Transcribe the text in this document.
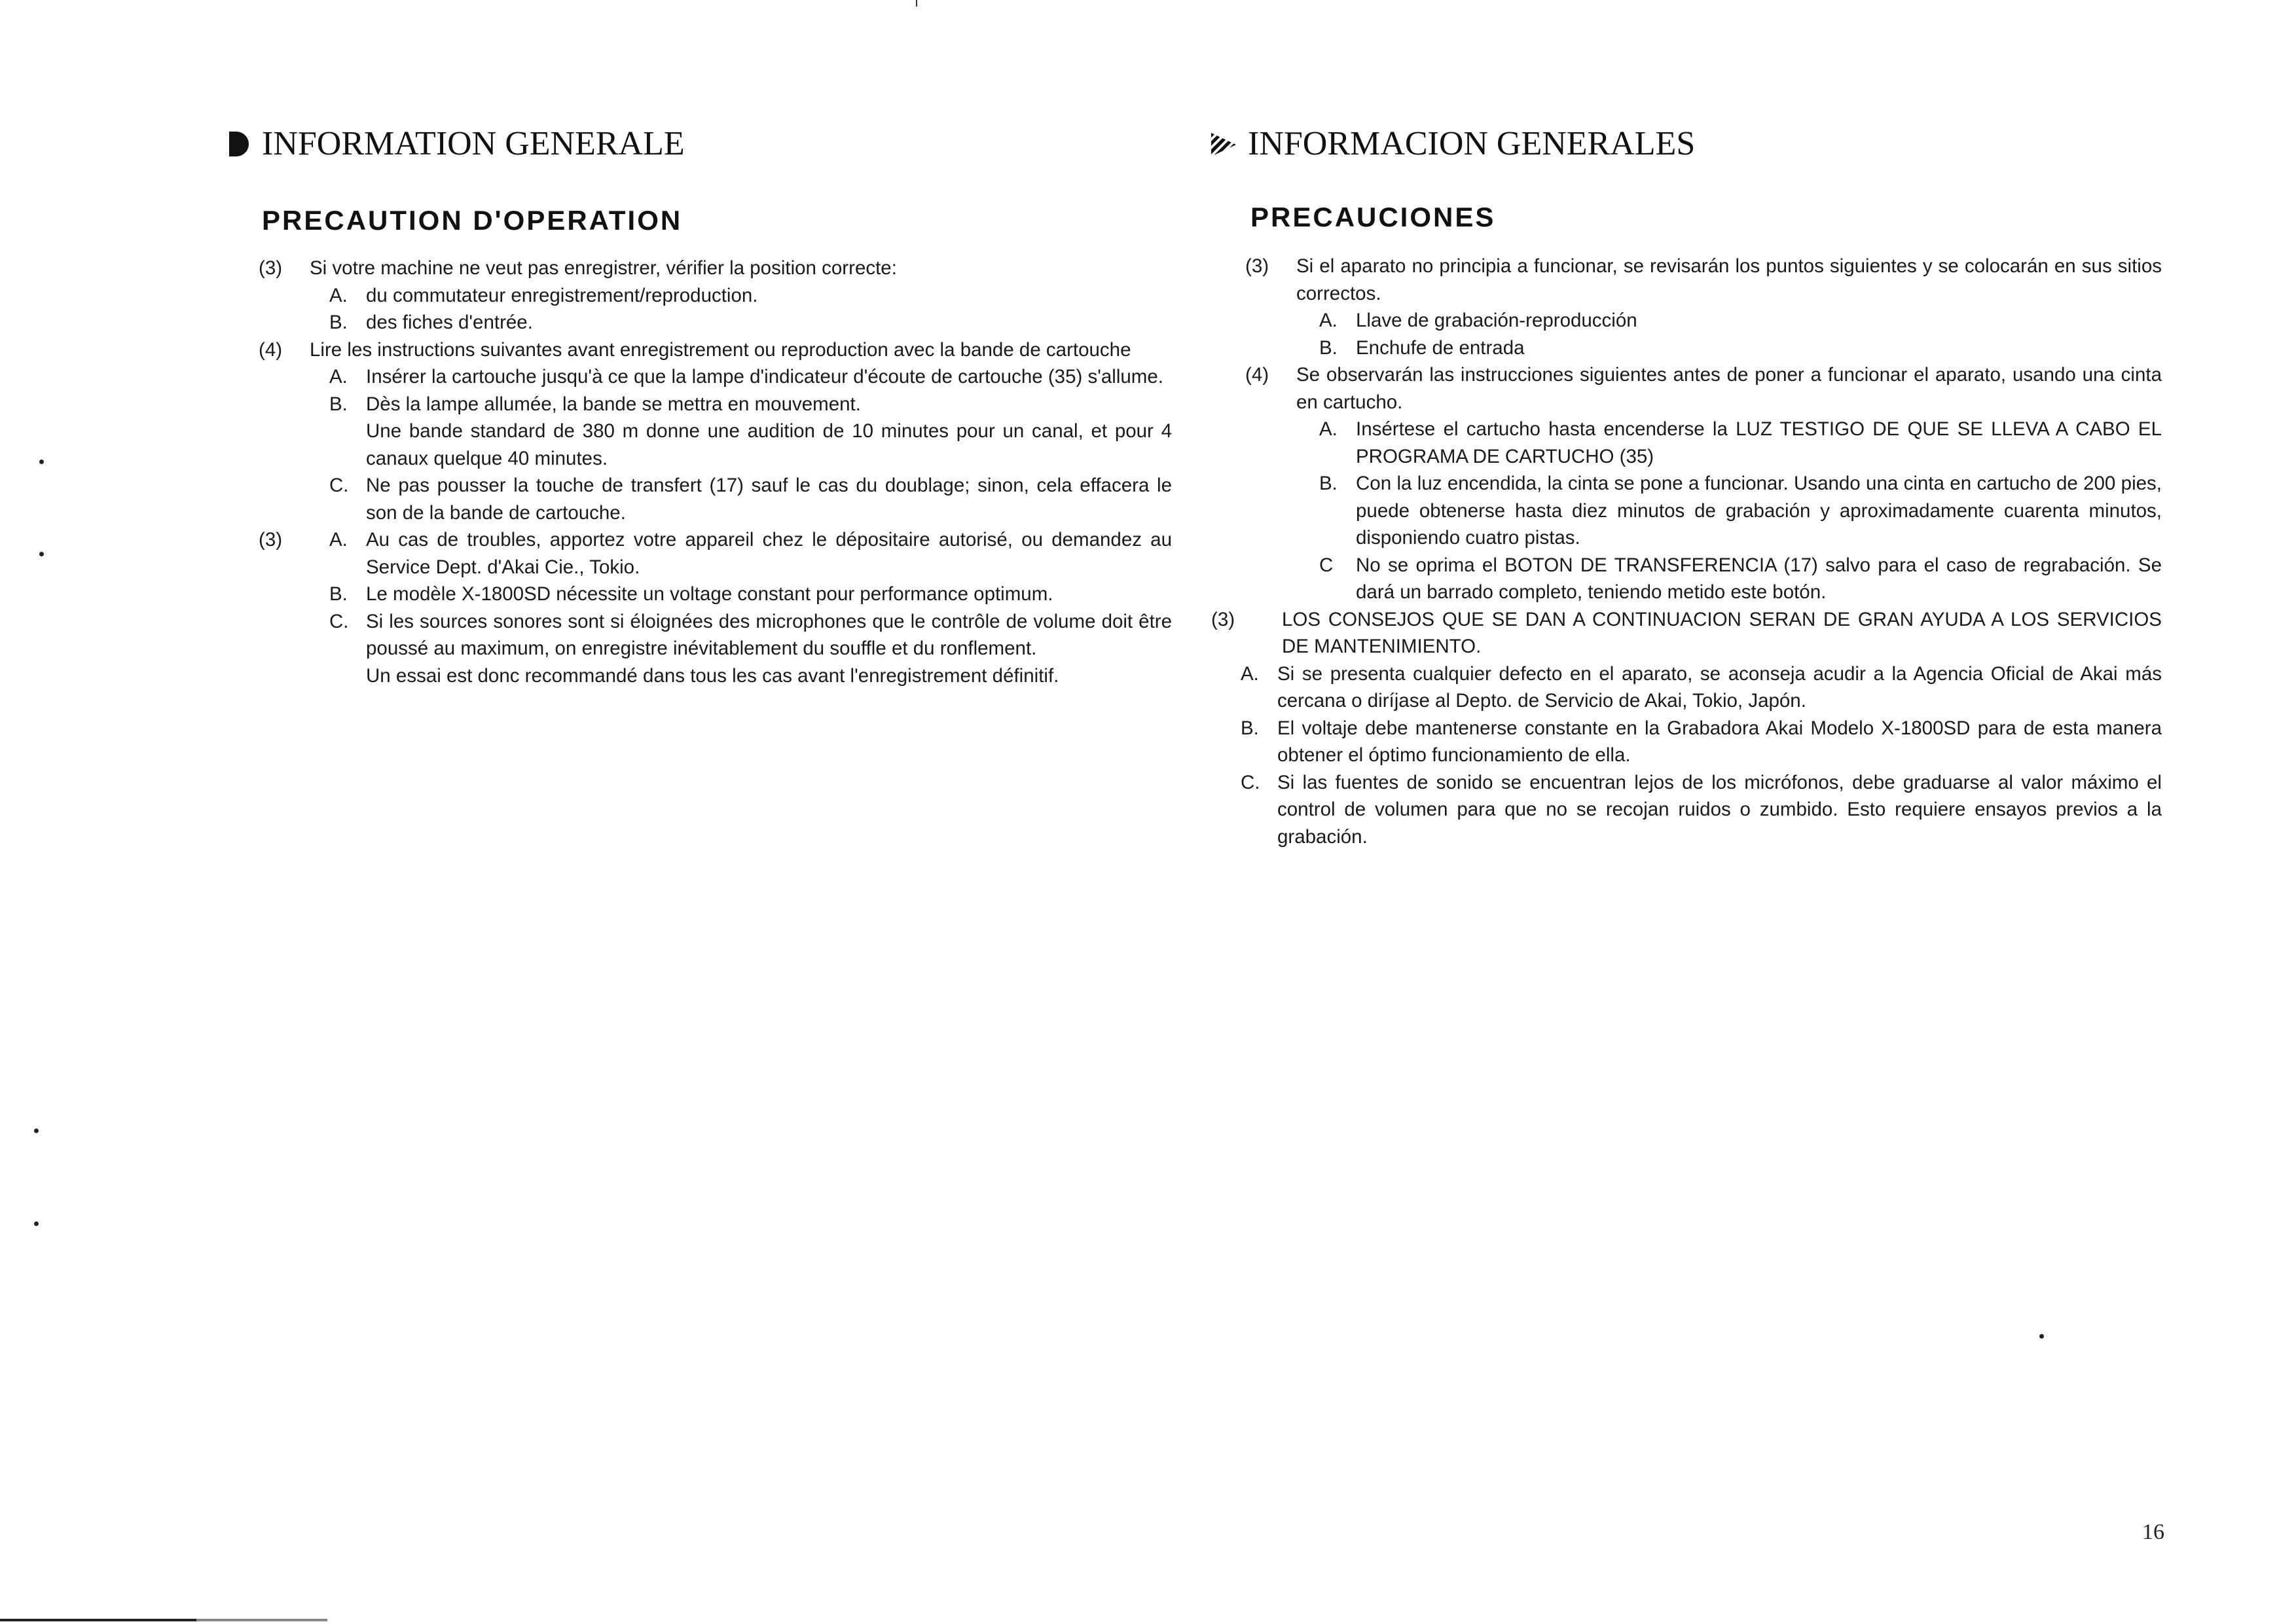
INFORMATION GENERALE
PRECAUTION D'OPERATION
(3)	Si votre machine ne veut pas enregistrer, vérifier la position correcte:
A. du commutateur enregistrement/reproduction.
B. des fiches d'entrée.
(4)	Lire les instructions suivantes avant enregistrement ou reproduction avec la bande de cartouche
A. Insérer la cartouche jusqu'à ce que la lampe d'indicateur d'écoute de cartouche (35) s'allume.
B. Dès la lampe allumée, la bande se mettra en mouvement.
Une bande standard de 380 m donne une audition de 10 minutes pour un canal, et pour 4 canaux quelque 40 minutes.
C. Ne pas pousser la touche de transfert (17) sauf le cas du doublage; sinon, cela effacera le son de la bande de cartouche.
(3)	A. Au cas de troubles, apportez votre appareil chez le dépositaire autorisé, ou demandez au Service Dept. d'Akai Cie., Tokio.
B. Le modèle X-1800SD nécessite un voltage constant pour performance optimum.
C. Si les sources sonores sont si éloignées des microphones que le contrôle de volume doit être poussé au maximum, on enregistre inévitablement du souffle et du ronflement.
Un essai est donc recommandé dans tous les cas avant l'enregistrement définitif.
INFORMACION GENERALES
PRECAUCIONES
(3)	Si el aparato no principia a funcionar, se revisarán los puntos siguientes y se colocarán en sus sitios correctos.
A. Llave de grabación-reproducción
B. Enchufe de entrada
(4)	Se observarán las instrucciones siguientes antes de poner a funcionar el aparato, usando una cinta en cartucho.
A. Insértese el cartucho hasta encenderse la LUZ TESTIGO DE QUE SE LLEVA A CABO EL PROGRAMA DE CARTUCHO (35)
B. Con la luz encendida, la cinta se pone a funcionar. Usando una cinta en cartucho de 200 pies, puede obtenerse hasta diez minutos de grabación y aproximadamente cuarenta minutos, disponiendo cuatro pistas.
C	No se oprima el BOTON DE TRANSFERENCIA (17) salvo para el caso de regrabación. Se dará un barrado completo, teniendo metido este botón.
(3)	LOS CONSEJOS QUE SE DAN A CONTINUACION SERAN DE GRAN AYUDA A LOS SERVICIOS DE MANTENIMIENTO.
A. Si se presenta cualquier defecto en el aparato, se aconseja acudir a la Agencia Oficial de Akai más cercana o diríjase al Depto. de Servicio de Akai, Tokio, Japón.
B. El voltaje debe mantenerse constante en la Grabadora Akai Modelo X-1800SD para de esta manera obtener el óptimo funcionamiento de ella.
C. Si las fuentes de sonido se encuentran lejos de los micrófonos, debe graduarse al valor máximo el control de volumen para que no se recojan ruidos o zumbido. Esto requiere ensayos previos a la grabación.
16
